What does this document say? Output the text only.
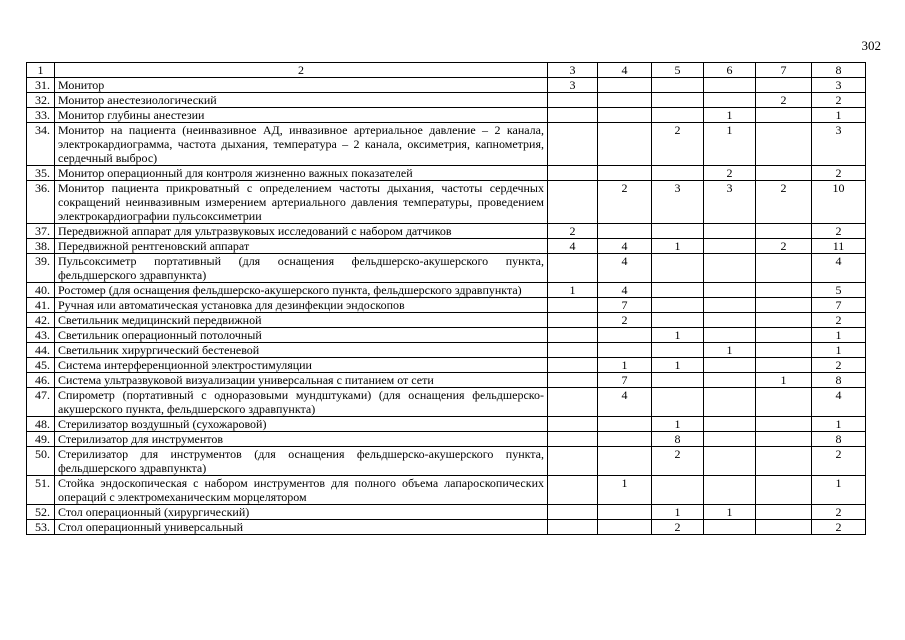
302
1	2	3	4	5	6	7	8
31.	Монитор	3					3
32.	Монитор анестезиологический					2	2
33.	Монитор глубины анестезии				1		1
34.	Монитор на пациента (неинвазивное АД, инвазивное артериальное давление – 2 канала, электрокардиограмма, частота дыхания, температура – 2 канала, оксиметрия, капнометрия, сердечный выброс)			2	1		3
35.	Монитор операционный для контроля жизненно важных показателей				2		2
36.	Монитор пациента прикроватный с определением частоты дыхания, частоты сердечных сокращений неинвазивным измерением артериального давления температуры, проведением электрокардиографии пульсоксиметрии		2	3	3	2	10
37.	Передвижной аппарат для ультразвуковых исследований с набором датчиков	2					2
38.	Передвижной рентгеновский аппарат	4	4	1		2	11
39.	Пульсоксиметр портативный (для оснащения фельдшерско-акушерского пункта, фельдшерского здравпункта)		4				4
40.	Ростомер (для оснащения фельдшерско-акушерского пункта, фельдшерского здравпункта)	1	4				5
41.	Ручная или автоматическая установка для дезинфекции эндоскопов		7				7
42.	Светильник медицинский передвижной		2				2
43.	Светильник операционный потолочный			1			1
44.	Светильник хирургический бестеневой				1		1
45.	Система интерференционной электростимуляции		1	1			2
46.	Система ультразвуковой визуализации универсальная с питанием от сети		7			1	8
47.	Спирометр (портативный с одноразовыми мундштуками) (для оснащения фельдшерско-акушерского пункта, фельдшерского здравпункта)		4				4
48.	Стерилизатор воздушный (сухожаровой)			1			1
49.	Стерилизатор для инструментов			8			8
50.	Стерилизатор для инструментов (для оснащения фельдшерско-акушерского пункта, фельдшерского здравпункта)			2			2
51.	Стойка эндоскопическая с набором инструментов для полного объема лапароскопических операций с электромеханическим морцелятором		1				1
52.	Стол операционный (хирургический)			1	1		2
53.	Стол операционный универсальный			2			2
